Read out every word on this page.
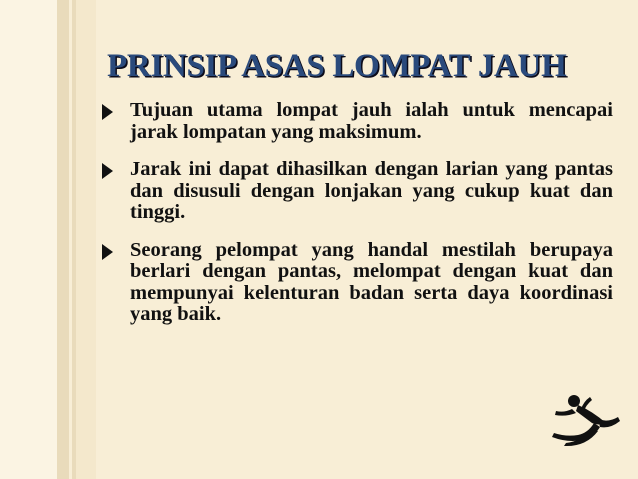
PRINSIP ASAS LOMPAT JAUH

Tujuan utama lompat jauh ialah untuk mencapai jarak lompatan yang maksimum.

Jarak ini dapat dihasilkan dengan larian yang pantas dan disusuli dengan lonjakan yang cukup kuat dan tinggi.

Seorang pelompat yang handal mestilah berupaya berlari dengan pantas, melompat dengan kuat dan mempunyai kelenturan badan serta daya koordinasi yang baik.
